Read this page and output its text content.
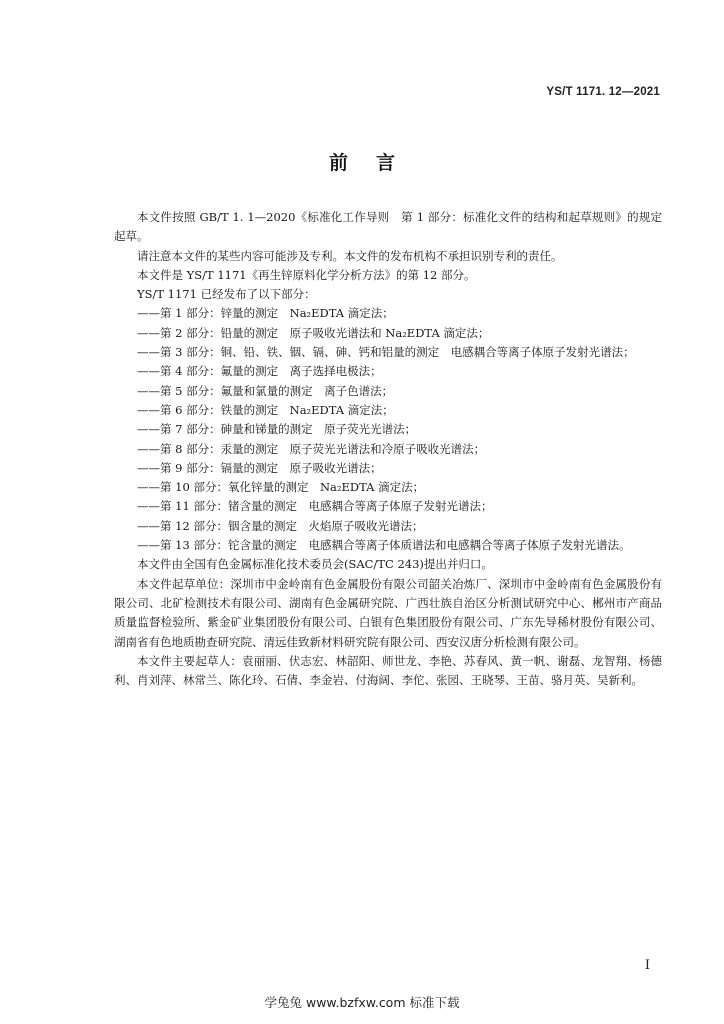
YS/T 1171. 12—2021
前言

本文件按照 GB/T 1. 1—2020《标准化工作导则　第 1 部分：标准化文件的结构和起草规则》的规定起草。

请注意本文件的某些内容可能涉及专利。本文件的发布机构不承担识别专利的责任。

本文件是 YS/T 1171《再生锌原料化学分析方法》的第 12 部分。

YS/T 1171 已经发布了以下部分：

——第 1 部分：锌量的测定　Na₂EDTA 滴定法；

——第 2 部分：铅量的测定　原子吸收光谱法和 Na₂EDTA 滴定法；

——第 3 部分：铜、铅、铁、铟、镉、砷、钙和铝量的测定　电感耦合等离子体原子发射光谱法；

——第 4 部分：氟量的测定　离子选择电极法；

——第 5 部分：氟量和氯量的测定　离子色谱法；

——第 6 部分：铁量的测定　Na₂EDTA 滴定法；

——第 7 部分：砷量和锑量的测定　原子荧光光谱法；

——第 8 部分：汞量的测定　原子荧光光谱法和冷原子吸收光谱法；

——第 9 部分：镉量的测定　原子吸收光谱法；

——第 10 部分：氧化锌量的测定　Na₂EDTA 滴定法；

——第 11 部分：锗含量的测定　电感耦合等离子体原子发射光谱法；

——第 12 部分：铟含量的测定　火焰原子吸收光谱法；

——第 13 部分：铊含量的测定　电感耦合等离子体质谱法和电感耦合等离子体原子发射光谱法。

本文件由全国有色金属标准化技术委员会(SAC/TC 243)提出并归口。

本文件起草单位：深圳市中金岭南有色金属股份有限公司韶关冶炼厂、深圳市中金岭南有色金属股份有限公司、北矿检测技术有限公司、湖南有色金属研究院、广西壮族自治区分析测试研究中心、郴州市产商品质量监督检验所、紫金矿业集团股份有限公司、白银有色集团股份有限公司、广东先导稀材股份有限公司、湖南省有色地质勘查研究院、清远佳致新材料研究院有限公司、西安汉唐分析检测有限公司。

本文件主要起草人：袁丽丽、伏志宏、林韶阳、师世龙、李艳、苏春风、黄一帆、谢磊、龙智翔、杨德利、肖刘萍、林常兰、陈化玲、石倩、李金岩、付海阔、李佗、张园、王晓琴、王苗、骆月英、吴新利。

I
学兔兔 www.bzfxw.com 标准下载
